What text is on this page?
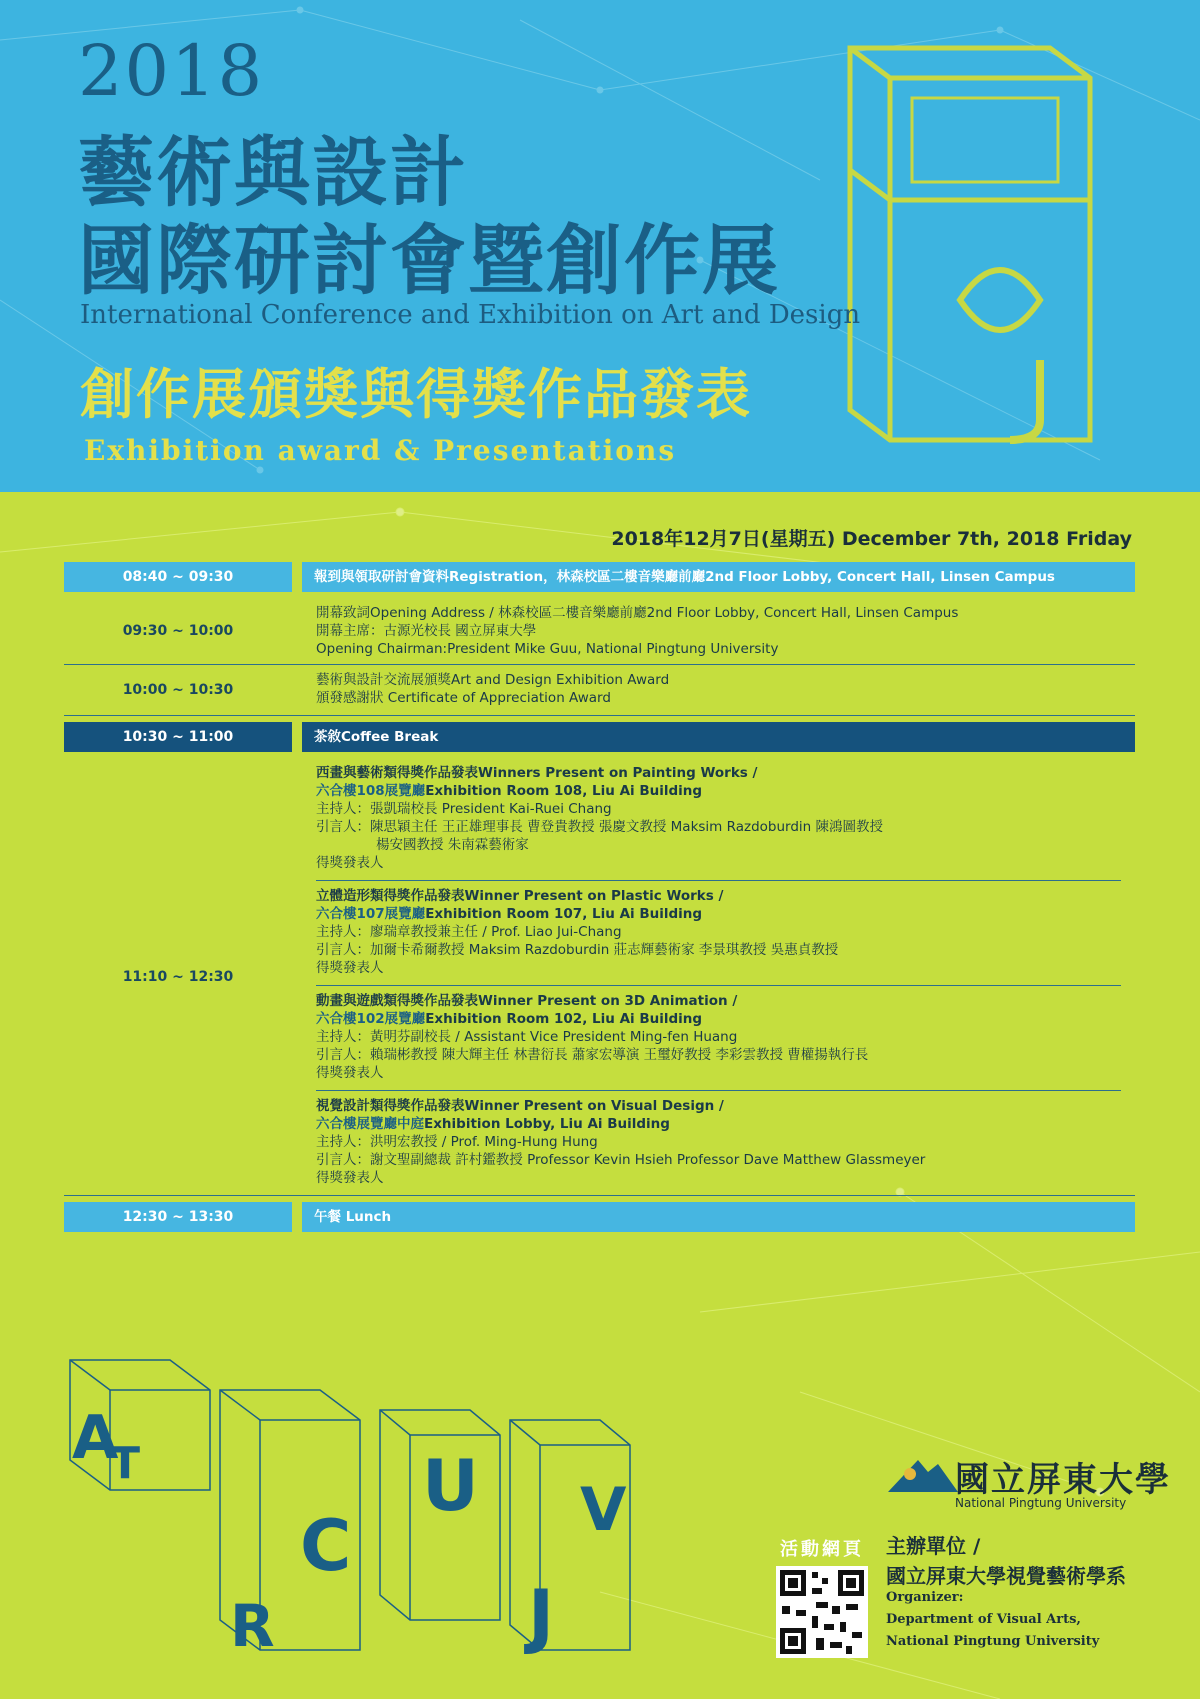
2018
藝術與設計
國際研討會暨創作展
International Conference and Exhibition on Art and Design
創作展頒獎與得獎作品發表
Exhibition award & Presentations
2018年12月7日(星期五) December 7th, 2018 Friday
08:40 ~ 09:30	報到與領取研討會資料Registration，林森校區二樓音樂廳前廳2nd Floor Lobby, Concert Hall, Linsen Campus
09:30 ~ 10:00
開幕致詞Opening Address / 林森校區二樓音樂廳前廳2nd Floor Lobby, Concert Hall, Linsen Campus
開幕主席：古源光校長 國立屏東大學
Opening Chairman:President Mike Guu, National Pingtung University
10:00 ~ 10:30
藝術與設計交流展頒獎Art and Design Exhibition Award
頒發感謝狀 Certificate of Appreciation Award
10:30 ~ 11:00	茶敘Coffee Break
11:10 ~ 12:30
西畫與藝術類得獎作品發表Winners Present on Painting Works /
六合樓108展覽廳Exhibition Room 108, Liu Ai Building
主持人：張凱瑞校長 President Kai-Ruei Chang
引言人：陳思穎主任 王正雄理事長 曹登貴教授 張慶文教授 Maksim Razdoburdin 陳鴻圖教授
楊安國教授 朱南霖藝術家
得獎發表人
立體造形類得獎作品發表Winner Present on Plastic Works /
六合樓107展覽廳Exhibition Room 107, Liu Ai Building
主持人：廖瑞章教授兼主任 / Prof. Liao Jui-Chang
引言人：加爾卡希爾教授 Maksim Razdoburdin 莊志輝藝術家 李景琪教授 吳惠貞教授
得獎發表人
動畫與遊戲類得獎作品發表Winner Present on 3D Animation /
六合樓102展覽廳Exhibition Room 102, Liu Ai Building
主持人：黃明芬副校長 / Assistant Vice President Ming-fen Huang
引言人：賴瑞彬教授 陳大輝主任 林書衍長 蕭家宏導演 王璽妤教授 李彩雲教授 曹權揚執行長
得獎發表人
視覺設計類得獎作品發表Winner Present on Visual Design /
六合樓展覽廳中庭Exhibition Lobby, Liu Ai Building
主持人：洪明宏教授 / Prof. Ming-Hung Hung
引言人：謝文聖副總裁 許村鑑教授 Professor Kevin Hsieh Professor Dave Matthew Glassmeyer
得獎發表人
12:30 ~ 13:30	午餐 Lunch
A
T
R
C
U
J
V	國立屏東大學
National Pingtung University
活動網頁 主辦單位 /
國立屏東大學視覺藝術學系
Organizer:
Department of Visual Arts,
National Pingtung University
